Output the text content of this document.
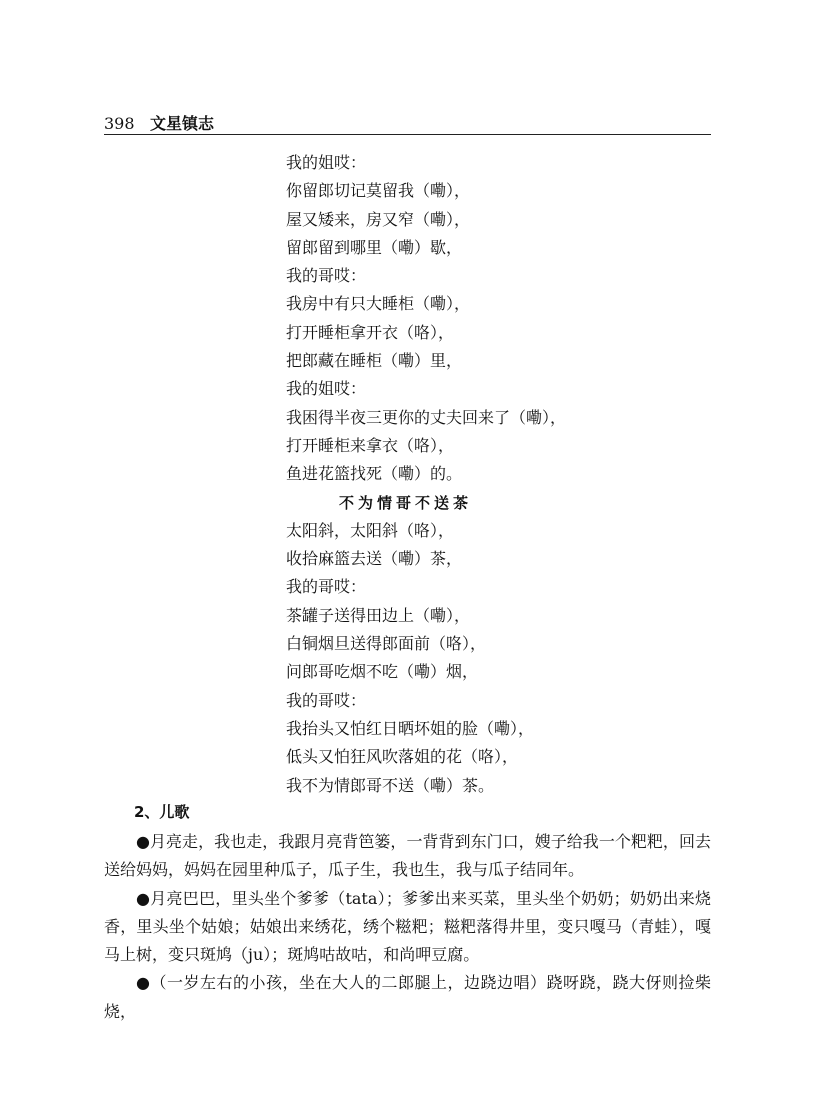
398 文星镇志
我的姐哎：
你留郎切记莫留我（嘞），
屋又矮来，房又窄（嘞），
留郎留到哪里（嘞）歇，
我的哥哎：
我房中有只大睡柜（嘞），
打开睡柜拿开衣（咯），
把郎藏在睡柜（嘞）里，
我的姐哎：
我困得半夜三更你的丈夫回来了（嘞），
打开睡柜来拿衣（咯），
鱼进花篮找死（嘞）的。
不为情哥不送茶
太阳斜，太阳斜（咯），
收拾麻篮去送（嘞）茶，
我的哥哎：
茶罐子送得田边上（嘞），
白铜烟旦送得郎面前（咯），
问郎哥吃烟不吃（嘞）烟，
我的哥哎：
我抬头又怕红日晒坏姐的脸（嘞），
低头又怕狂风吹落姐的花（咯），
我不为情郎哥不送（嘞）茶。
2、儿歌

●月亮走，我也走，我跟月亮背笆篓，一背背到东门口，嫂子给我一个粑粑，回去送给妈妈，妈妈在园里种瓜子，瓜子生，我也生，我与瓜子结同年。

●月亮巴巴，里头坐个爹爹（tata）；爹爹出来买菜，里头坐个奶奶；奶奶出来烧香，里头坐个姑娘；姑娘出来绣花，绣个糍粑；糍粑落得井里，变只嘎马（青蛙），嘎马上树，变只斑鸠（ju）；斑鸠咕故咕，和尚呷豆腐。

●（一岁左右的小孩，坐在大人的二郎腿上，边跷边唱）跷呀跷，跷大伢则捡柴烧，
